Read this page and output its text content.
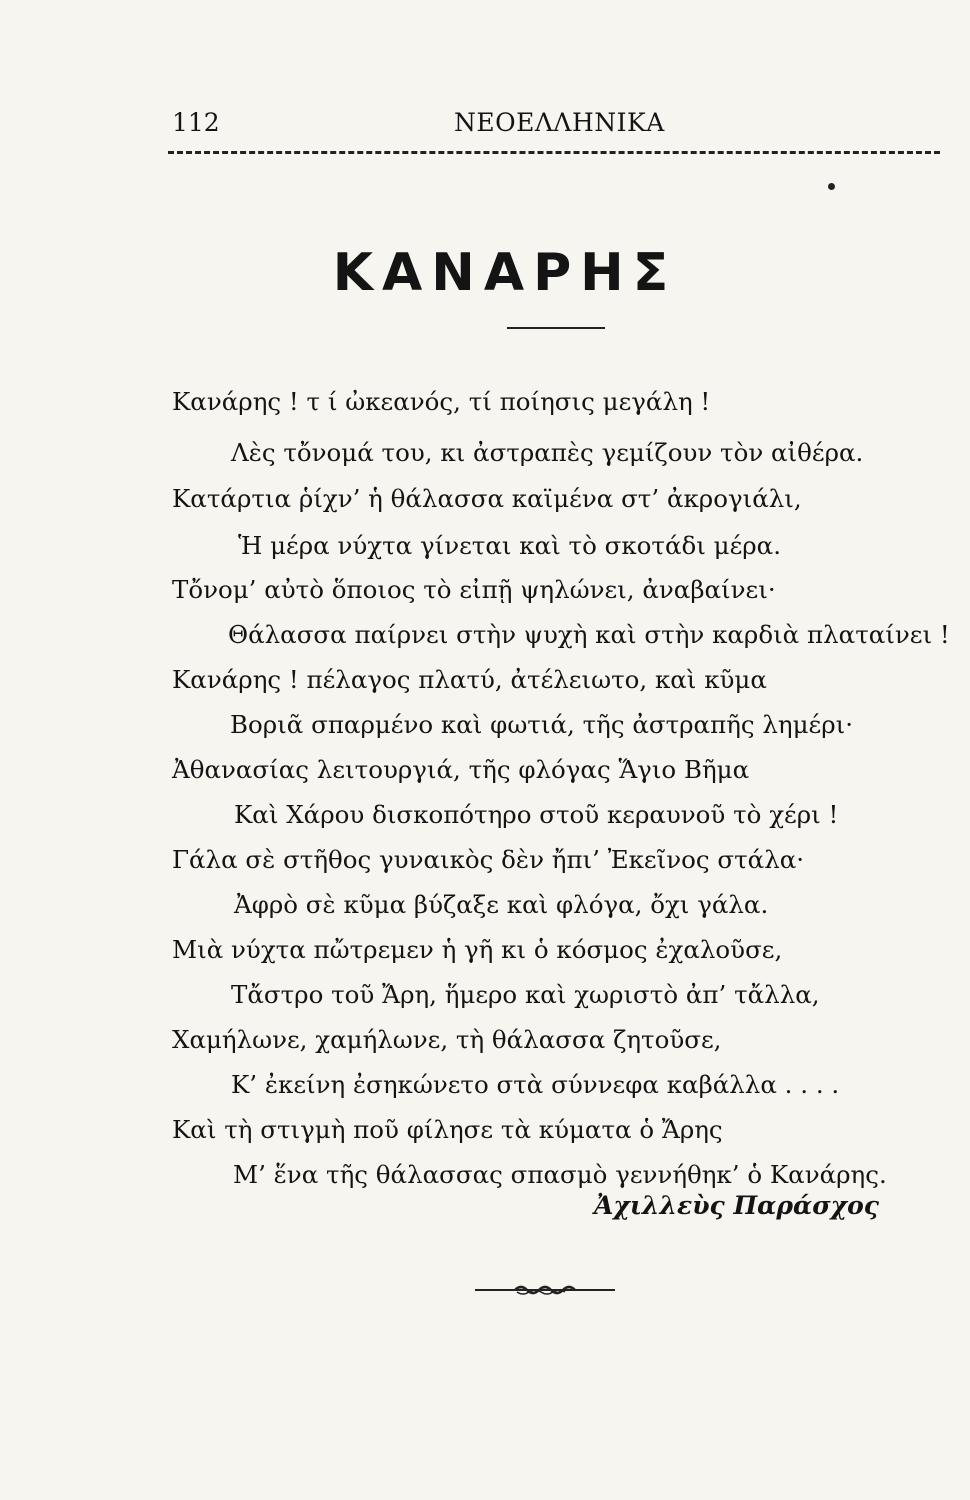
112	ΝΕΟΕΛΛΗΝΙΚΑ
ΚΑΝΑΡΗΣ
Κανάρης ! τ ί ὠκεανός, τί ποίησις μεγάλη !
Λὲς τὄνομά του, κι ἀστραπὲς γεμίζουν τὸν αἰθέρα.
Κατάρτια ῥίχν’ ἡ θάλασσα καϊμένα στ’ ἀκρογιάλι,
Ἡ μέρα νύχτα γίνεται καὶ τὸ σκοτάδι μέρα.
Τὄνομ’ αὐτὸ ὅποιος τὸ εἰπῇ ψηλώνει, ἀναβαίνει·
Θάλασσα παίρνει στὴν ψυχὴ καὶ στὴν καρδιὰ πλαταίνει !
Κανάρης ! πέλαγος πλατύ, ἀτέλειωτο, καὶ κῦμα
Βοριᾶ σπαρμένο καὶ φωτιά, τῆς ἀστραπῆς λημέρι·
Ἀθανασίας λειτουργιά, τῆς φλόγας Ἅγιο Βῆμα
Καὶ Χάρου δισκοπότηρο στοῦ κεραυνοῦ τὸ χέρι !
Γάλα σὲ στῆθος γυναικὸς δὲν ἤπι’ Ἐκεῖνος στάλα·
Ἀφρὸ σὲ κῦμα βύζαξε καὶ φλόγα, ὄχι γάλα.
Μιὰ νύχτα πὤτρεμεν ἡ γῆ κι ὁ κόσμος ἐχαλοῦσε,
Τἄστρο τοῦ Ἄρη, ἥμερο καὶ χωριστὸ ἀπ’ τἄλλα,
Χαμήλωνε, χαμήλωνε, τὴ θάλασσα ζητοῦσε,
Κ’ ἐκείνη ἐσηκώνετο στὰ σύννεφα καβάλλα . . . .
Καὶ τὴ στιγμὴ ποῦ φίλησε τὰ κύματα ὁ Ἄρης
Μ’ ἕνα τῆς θάλασσας σπασμὸ γεννήθηκ’ ὁ Κανάρης.
Ἀχιλλεὺς Παράσχος
